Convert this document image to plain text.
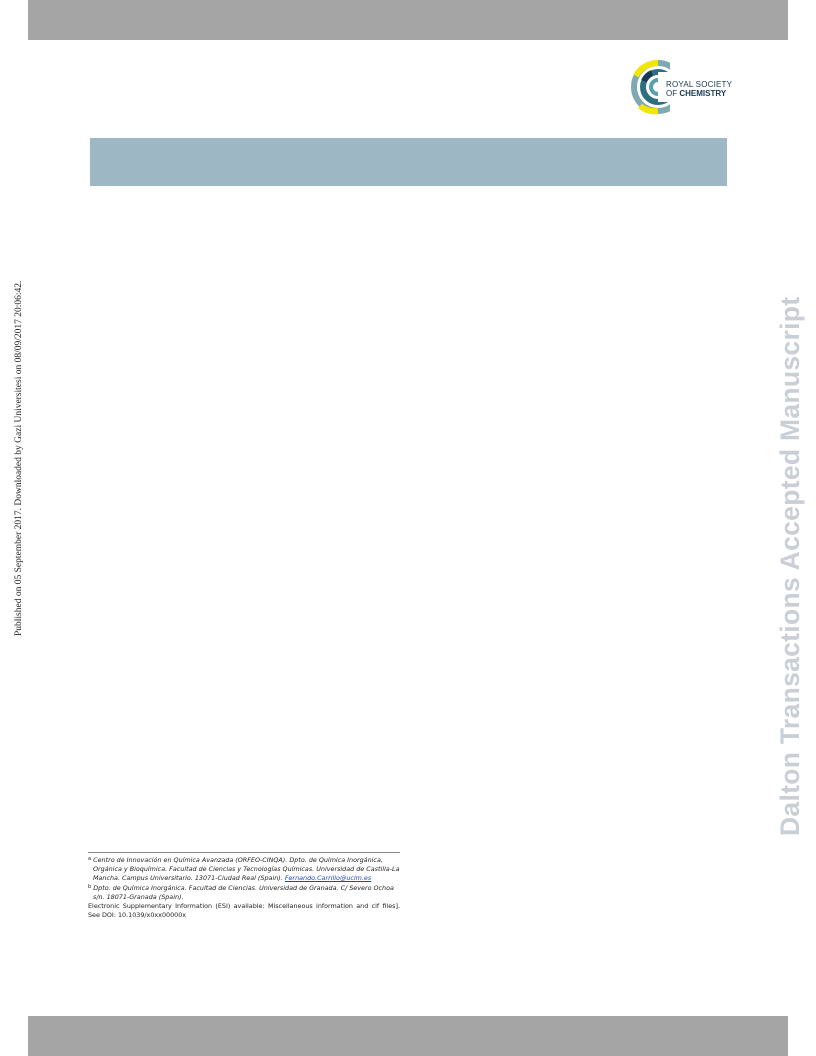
ROYAL SOCIETY
OF CHEMISTRY
Published on 05 September 2017. Downloaded by Gazi Universitesi on 08/09/2017 20:06:42.	Dalton Transactions Accepted Manuscript
$^a$ Centro de Innovación en Química Avanzada (ORFEO-CINQA). Dpto. de Química Inorgánica, Orgánica y Bioquímica. Facultad de Ciencias y Tecnologías Químicas. Universidad de Castilla-La Mancha. Campus Universitario. 13071-Ciudad Real (Spain). Fernando.Carrillo@uclm.es
$^b$ Dpto. de Química Inorgánica. Facultad de Ciencias. Universidad de Granada. C/ Severo Ochoa s/n. 18071-Granada (Spain).
Electronic Supplementary Information (ESI) available: Miscellaneous information and cif files]. See DOI: 10.1039/x0xx00000x
